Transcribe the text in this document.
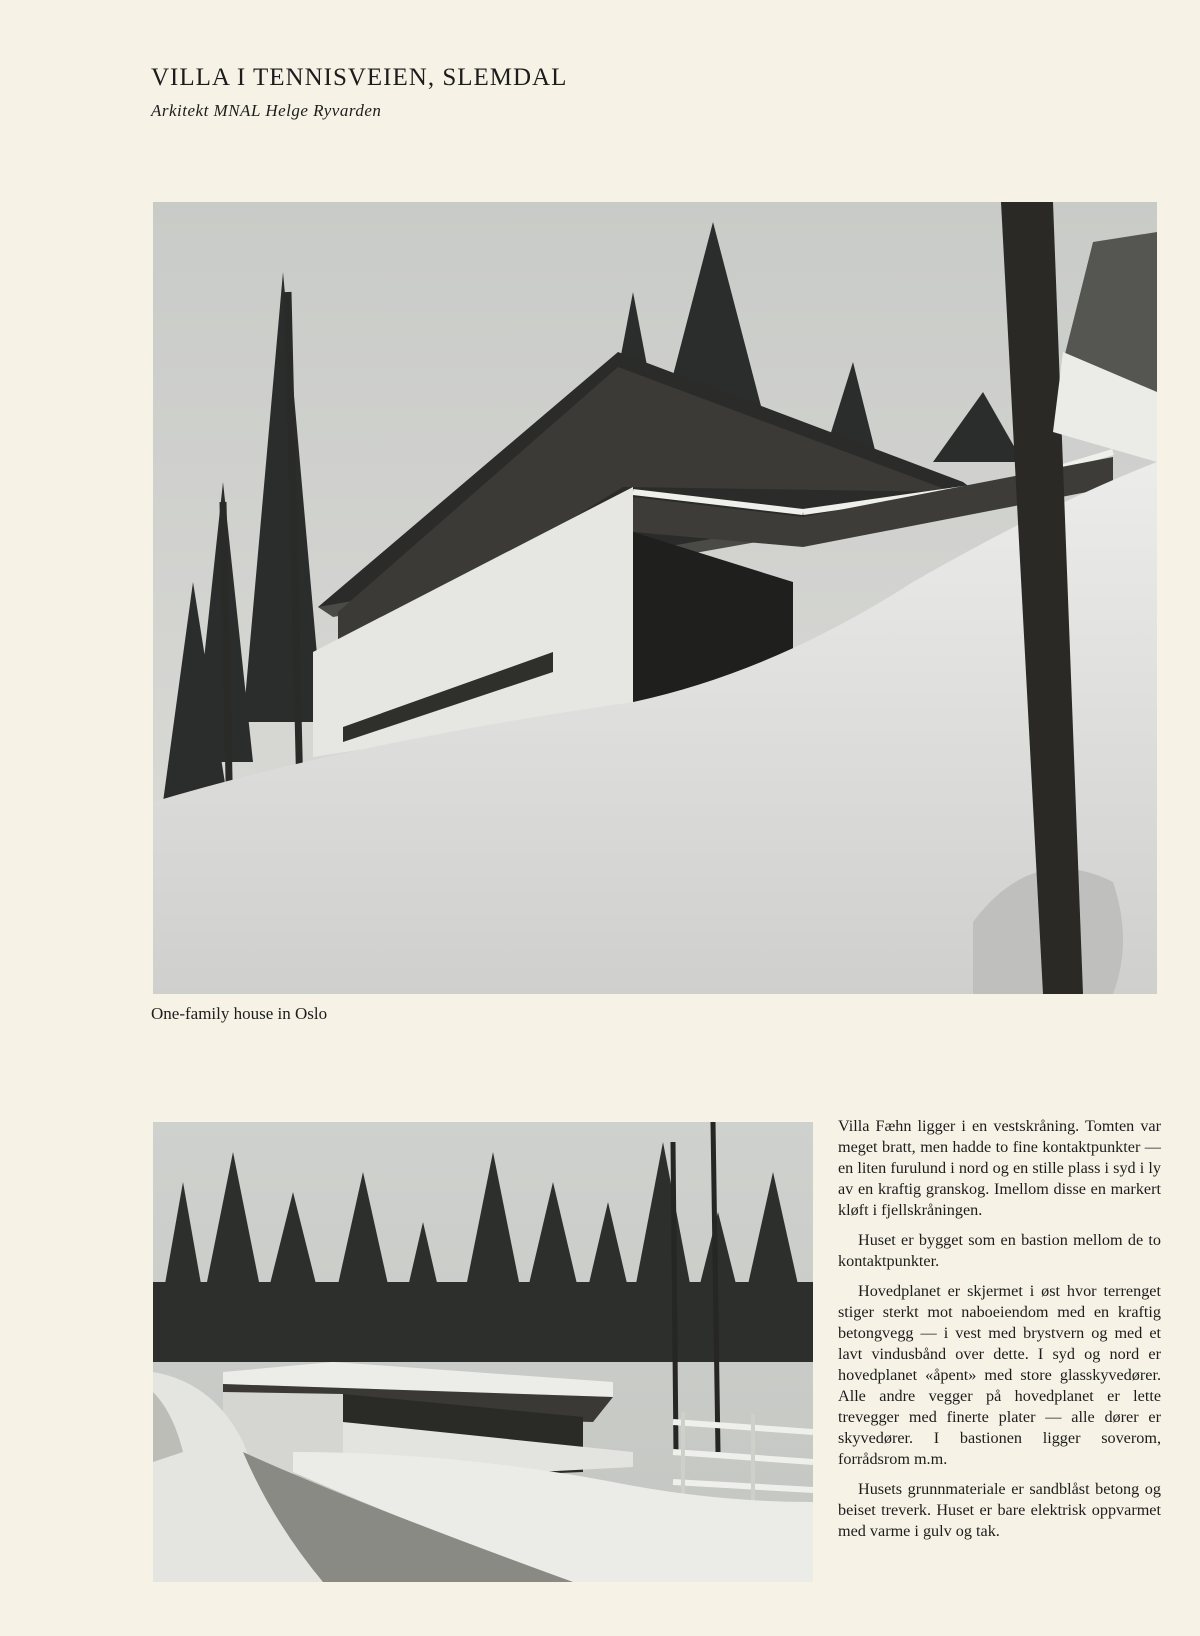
VILLA I TENNISVEIEN, SLEMDAL
Arkitekt MNAL Helge Ryvarden
One-family house in Oslo

Villa Fæhn ligger i en vestskråning. Tomten var meget bratt, men hadde to fine kontaktpunkter — en liten furulund i nord og en stille plass i syd i ly av en kraftig granskog. Imellom disse en markert kløft i fjellskråningen.

Huset er bygget som en bastion mellom de to kontaktpunkter.

Hovedplanet er skjermet i øst hvor terrenget stiger sterkt mot naboeiendom med en kraftig betongvegg — i vest med brystvern og med et lavt vindusbånd over dette. I syd og nord er hovedplanet «åpent» med store glasskyvedører. Alle andre vegger på hovedplanet er lette trevegger med finerte plater — alle dører er skyvedører. I bastionen ligger soverom, forrådsrom m.m.

Husets grunnmateriale er sandblåst betong og beiset treverk. Huset er bare elektrisk oppvarmet med varme i gulv og tak.
